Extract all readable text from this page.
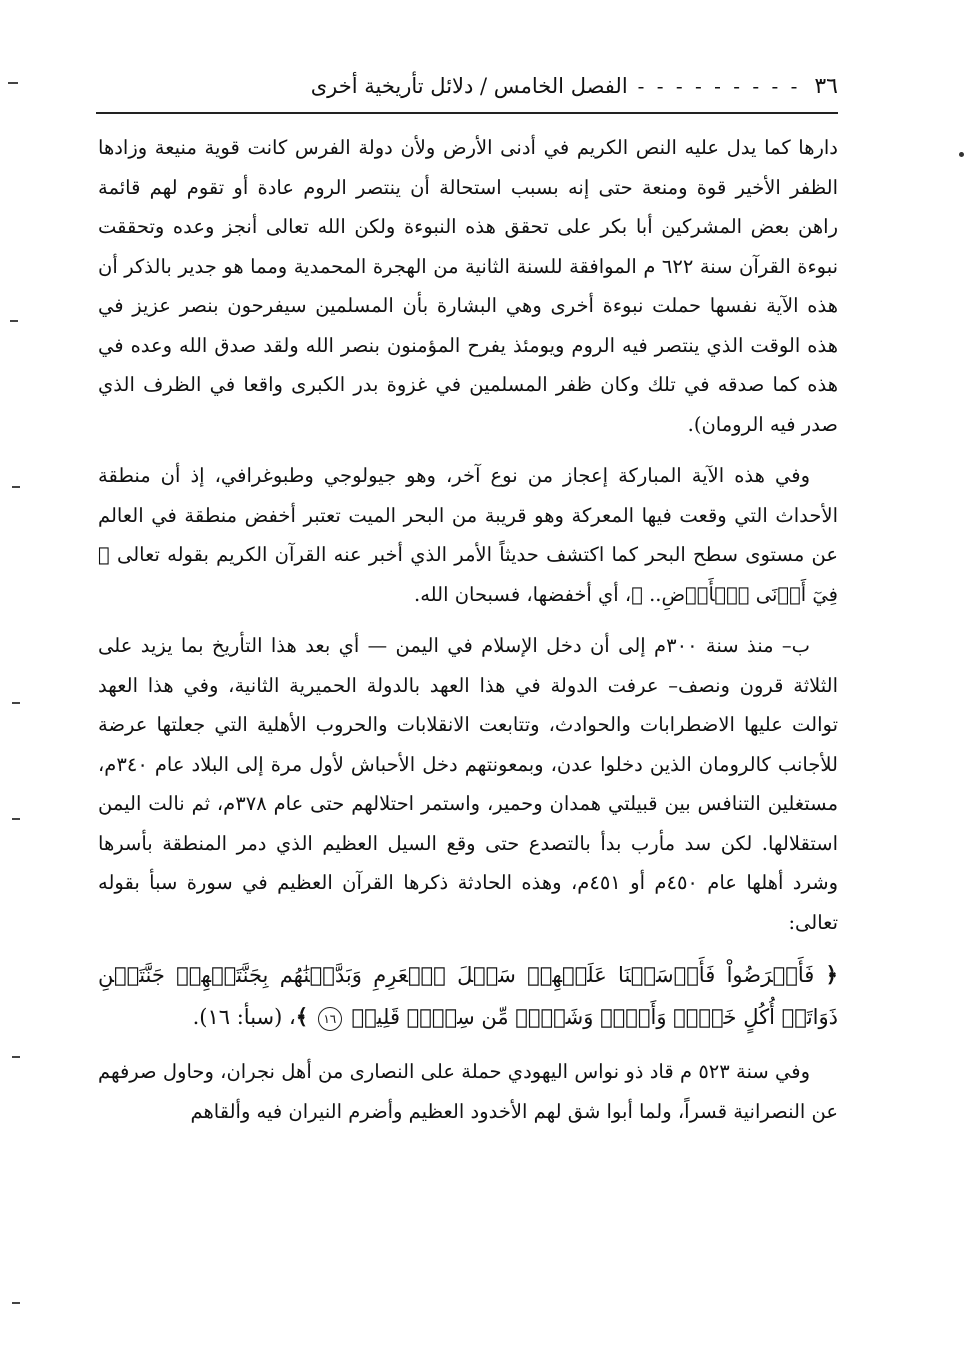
٣٦
- - - - - - - - -
الفصل الخامس / دلائل تأريخية أخرى

دارها كما يدل عليه النص الكريم في أدنى الأرض ولأن دولة الفرس كانت قوية منيعة وزادها الظفر الأخير قوة ومنعة حتى إنه بسبب استحالة أن ينتصر الروم عادة أو تقوم لهم قائمة راهن بعض المشركين أبا بكر على تحقق هذه النبوءة ولكن الله تعالى أنجز وعده وتحققت نبوءة القرآن سنة ٦٢٢ م الموافقة للسنة الثانية من الهجرة المحمدية ومما هو جدير بالذكر أن هذه الآية نفسها حملت نبوءة أخرى وهي البشارة بأن المسلمين سيفرحون بنصر عزيز في هذه الوقت الذي ينتصر فيه الروم ويومئذ يفرح المؤمنون بنصر الله ولقد صدق الله وعده في هذه كما صدقه في تلك وكان ظفر المسلمين في غزوة بدر الكبرى واقعا في الظرف الذي صدر فيه الرومان).

وفي هذه الآية المباركة إعجاز من نوع آخر، وهو جيولوجي وطبوغرافي، إذ أن منطقة الأحداث التي وقعت فيها المعركة وهو قريبة من البحر الميت تعتبر أخفض منطقة في العالم عن مستوى سطح البحر كما اكتشف حديثاً الأمر الذي أخبر عنه القرآن الكريم بقوله تعالى ﴿ فِيٓ أَدۡنَى ٱلۡأَرۡضِ.. ﴾، أي أخفضها، فسبحان الله.

ب– منذ سنة ٣٠٠م إلى أن دخل الإسلام في اليمن — أي بعد هذا التأريخ بما يزيد على الثلاثة قرون ونصف– عرفت الدولة في هذا العهد بالدولة الحميرية الثانية، وفي هذا العهد توالت عليها الاضطرابات والحوادث، وتتابعت الانقلابات والحروب الأهلية التي جعلتها عرضة للأجانب كالرومان الذين دخلوا عدن، وبمعونتهم دخل الأحباش لأول مرة إلى البلاد عام ٣٤٠م، مستغلين التنافس بين قبيلتي همدان وحمير، واستمر احتلالهم حتى عام ٣٧٨م، ثم نالت اليمن استقلالها. لكن سد مأرب بدأ بالتصدع حتى وقع السيل العظيم الذي دمر المنطقة بأسرها وشرد أهلها عام ٤٥٠م أو ٤٥١م، وهذه الحادثة ذكرها القرآن العظيم في سورة سبأ بقوله تعالى:

﴿ فَأَعۡرَضُواْ فَأَرۡسَلۡنَا عَلَيۡهِمۡ سَيۡلَ ٱلۡعَرِمِ وَبَدَّلۡنَٰهُم بِجَنَّتَيۡهِمۡ جَنَّتَيۡنِ ذَوَاتَيۡ أُكُلٍ خَمۡطٖ وَأَثۡلٖ وَشَيۡءٖ مِّن سِدۡرٖ قَلِيلٖ ١٦ ﴾، (سبأ: ١٦).

وفي سنة ٥٢٣ م قاد ذو نواس اليهودي حملة على النصارى من أهل نجران، وحاول صرفهم عن النصرانية قسراً، ولما أبوا شق لهم الأخدود العظيم وأضرم النيران فيه وألقاهم
